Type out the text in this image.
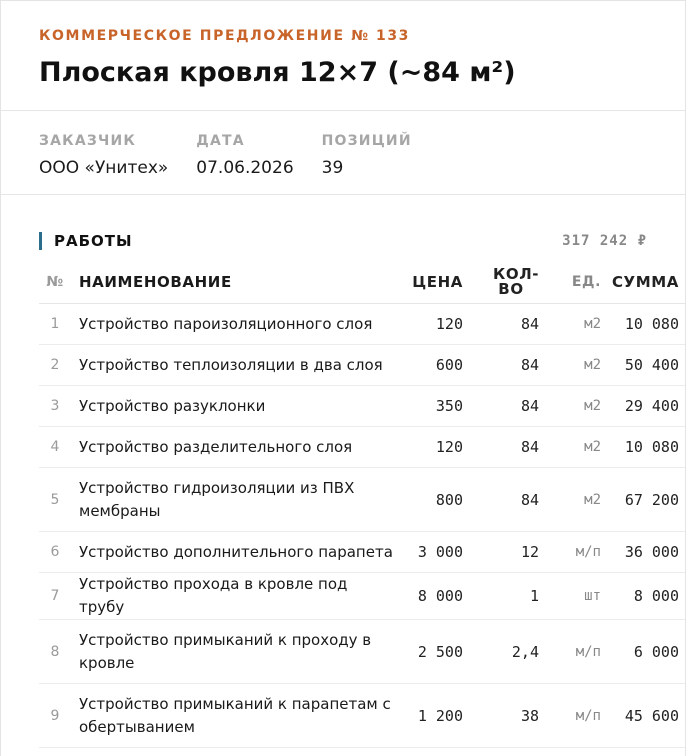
КОММЕРЧЕСКОЕ ПРЕДЛОЖЕНИЕ № 133

Плоская кровля 12×7 (~84 м²)
ЗАКАЗЧИК
ООО «Унитех»
ДАТА
07.06.2026
ПОЗИЦИЙ
39
РАБОТЫ	317 242 ₽
№	НАИМЕНОВАНИЕ	ЦЕНА	КОЛ-ВО	ЕД.	СУММА
1	Устройство пароизоляционного слоя	120	84	м2	10 080
2	Устройство теплоизоляции в два слоя	600	84	м2	50 400
3	Устройство разуклонки	350	84	м2	29 400
4	Устройство разделительного слоя	120	84	м2	10 080
5	Устройство гидроизоляции из ПВХ мембраны	800	84	м2	67 200
6	Устройство дополнительного парапета	3 000	12	м/п	36 000
7	Устройство прохода в кровле под трубу	8 000	1	шт	8 000
8	Устройство примыканий к проходу в кровле	2 500	2,4	м/п	6 000
9	Устройство примыканий к парапетам с обертыванием	1 200	38	м/п	45 600
